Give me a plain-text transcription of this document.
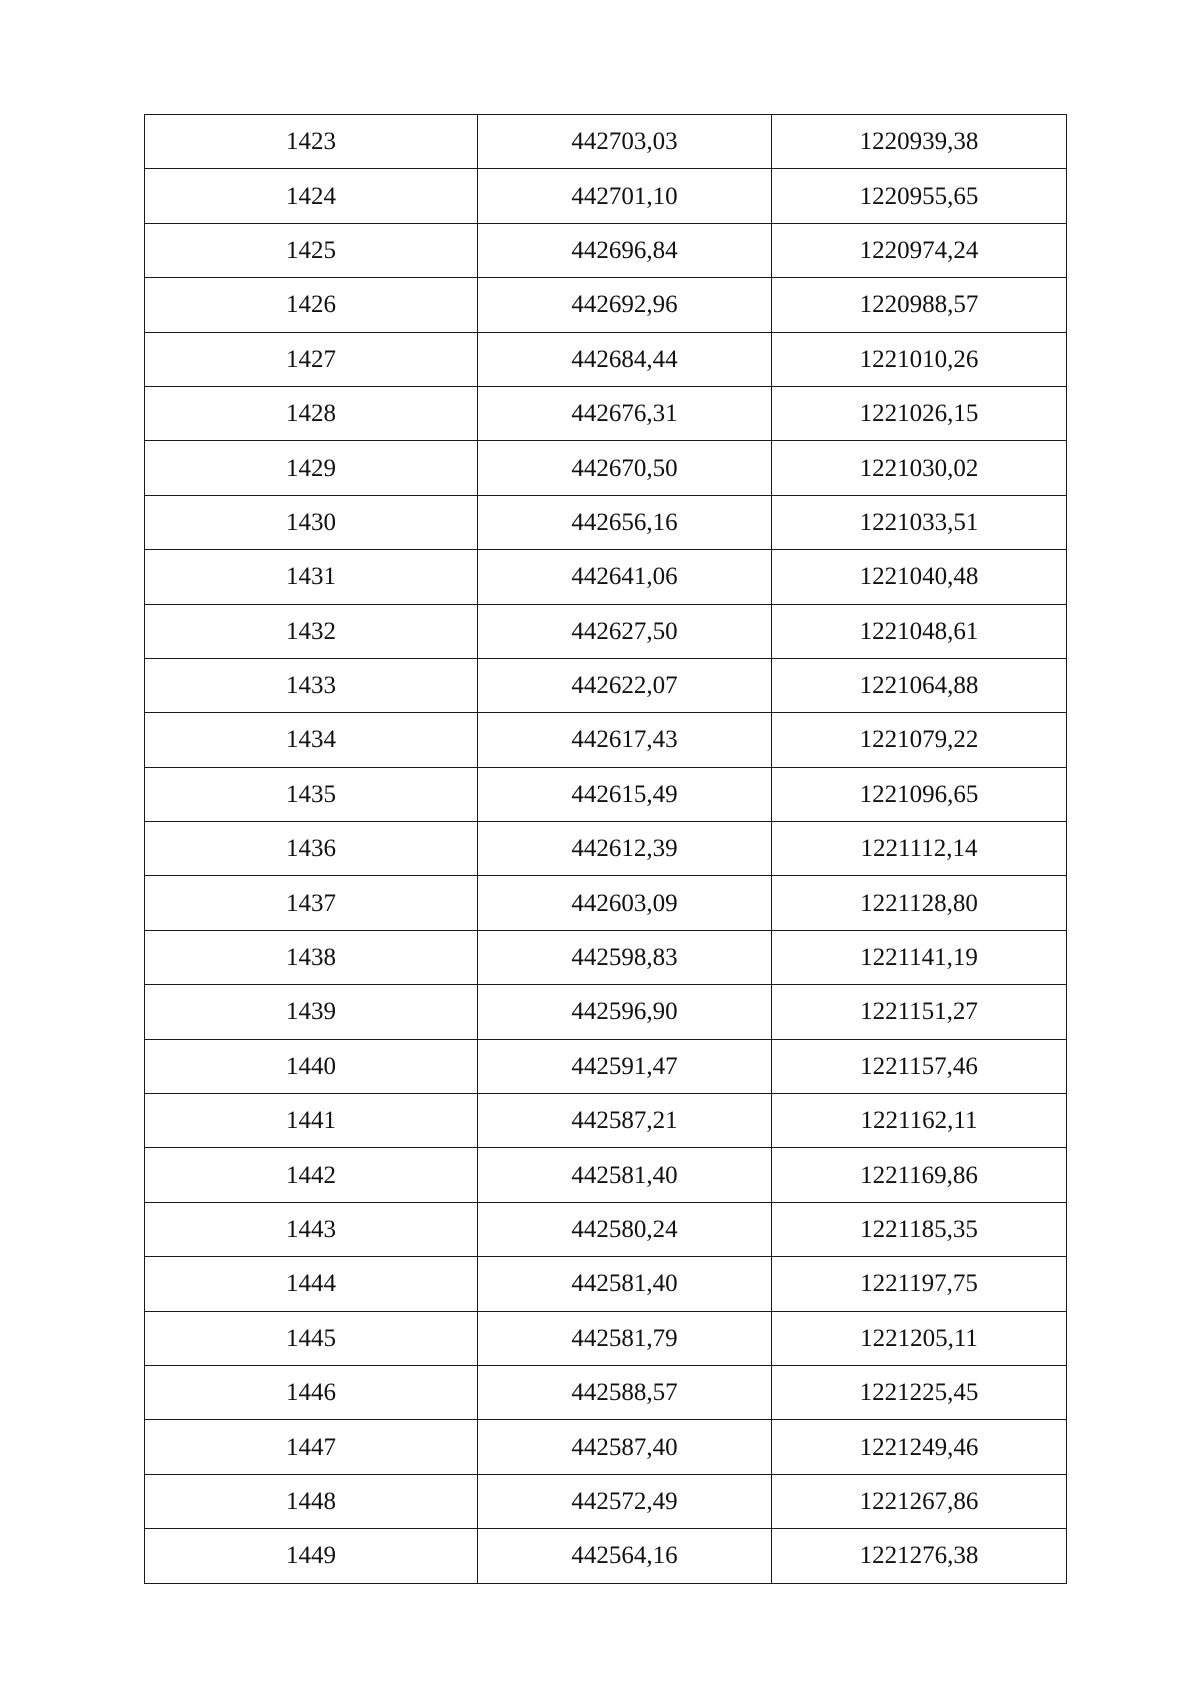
1423	442703,03	1220939,38
1424	442701,10	1220955,65
1425	442696,84	1220974,24
1426	442692,96	1220988,57
1427	442684,44	1221010,26
1428	442676,31	1221026,15
1429	442670,50	1221030,02
1430	442656,16	1221033,51
1431	442641,06	1221040,48
1432	442627,50	1221048,61
1433	442622,07	1221064,88
1434	442617,43	1221079,22
1435	442615,49	1221096,65
1436	442612,39	1221112,14
1437	442603,09	1221128,80
1438	442598,83	1221141,19
1439	442596,90	1221151,27
1440	442591,47	1221157,46
1441	442587,21	1221162,11
1442	442581,40	1221169,86
1443	442580,24	1221185,35
1444	442581,40	1221197,75
1445	442581,79	1221205,11
1446	442588,57	1221225,45
1447	442587,40	1221249,46
1448	442572,49	1221267,86
1449	442564,16	1221276,38
